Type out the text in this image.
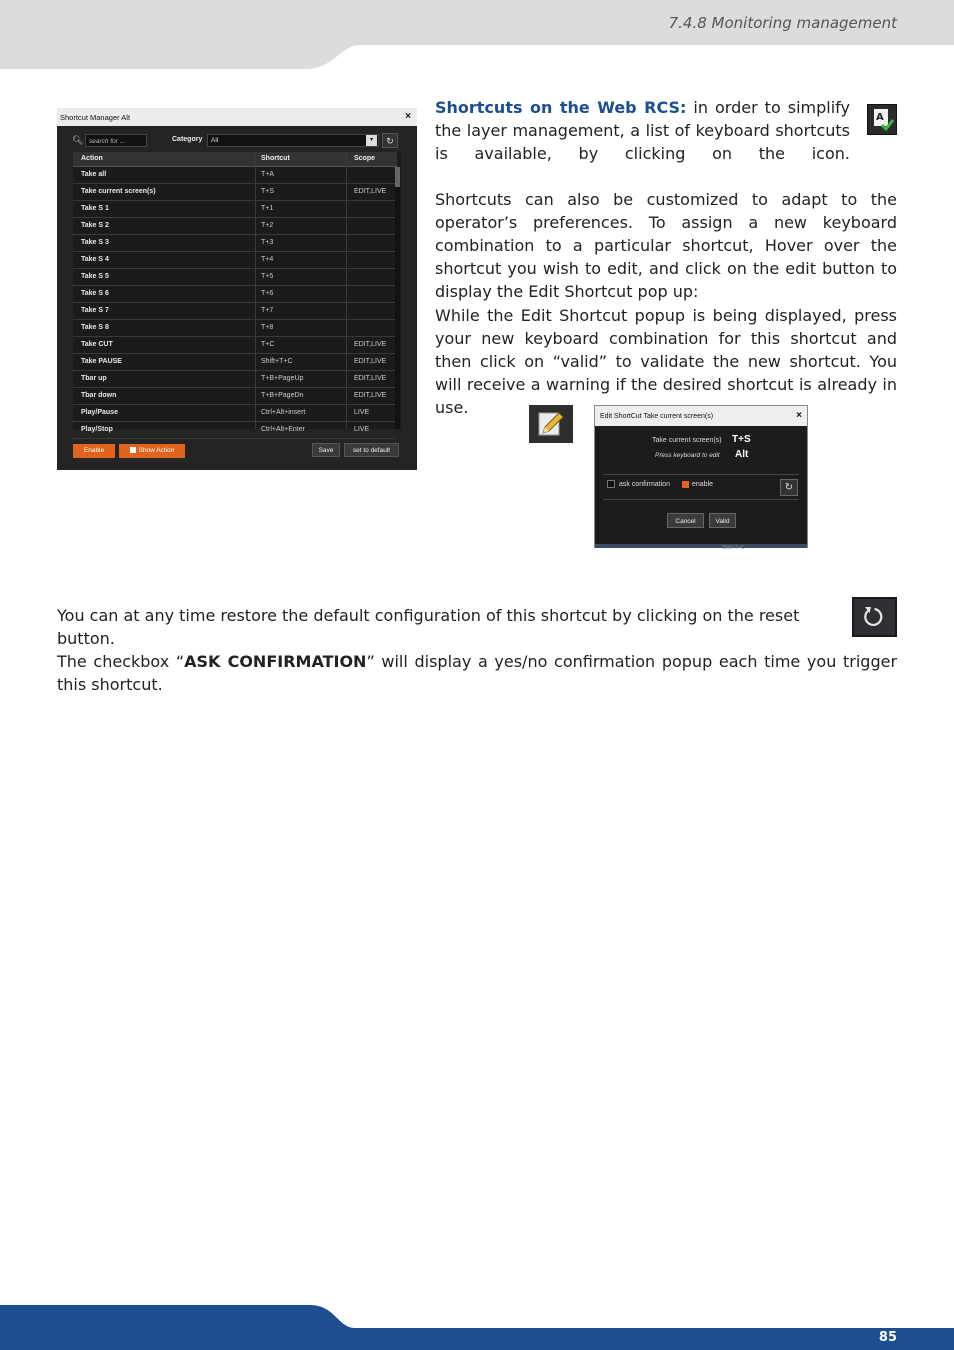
7.4.8 Monitoring management
Shortcut Manager Alt	×
🔍︎ search for ...	Category	All	▾	↻
Action	Shortcut	Scope
Take all	T+A
Take current screen(s)	T+S	EDIT,LIVE
Take S 1	T+1
Take S 2	T+2
Take S 3	T+3
Take S 4	T+4
Take S 5	T+5
Take S 6	T+6
Take S 7	T+7
Take S 8	T+8
Take CUT	T+C	EDIT,LIVE
Take PAUSE	Shift+T+C	EDIT,LIVE
Tbar up	T+B+PageUp	EDIT,LIVE
Tbar down	T+B+PageDn	EDIT,LIVE
Play/Pause	Ctrl+Alt+insert	LIVE
Play/Stop	Ctrl+Alt+Enter	LIVE
Enable	Show Action	Save	set to default
Shortcuts on the Web RCS: in order to simplify the layer management, a list of keyboard shortcuts is available, by clicking on the icon.
A
Shortcuts can also be customized to adapt to the operator’s preferences. To assign a new keyboard combination to a particular shortcut, Hover over the shortcut you wish to edit, and click on the edit button to display the Edit Shortcut pop up:
While the Edit Shortcut popup is being displayed, press your new keyboard combination for this shortcut and then click on “valid” to validate the new shortcut. You will receive a warning if the desired shortcut is already in use.	Edit ShortCut Take current screen(s)	×
Take current screen(s) T+S
Press keyboard to edit Alt
ask confirmation	enable	↻
Cancel	Valid
Shift+T+C
You can at any time restore the default configuration of this shortcut by clicking on the reset button.
The checkbox “ASK CONFIRMATION” will display a yes/no confirmation popup each time you trigger this shortcut.
85
